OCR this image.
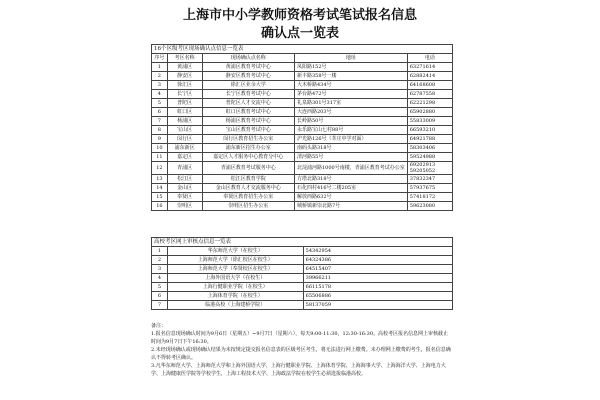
上海市中小学教师资格考试笔试报名信息
确认点一览表
16个区级考区现场确认点信息一览表				
序号	考区名称	现场确认点名称	地址	电话
1	黄浦区	黄浦区教育考试中心	凤阳路152号	63271614
2	静安区	静安区教育考试中心	新丰路358号一楼	62882414
3	徐汇区	徐汇区业余大学	大木桥路434号	64168608
4	长宁区	长宁区教育考试中心	茅台路472号	62787558
5	普陀区	普陀区人才交流中心	礼泉路301号317室	62221298
6	虹口区	虹口区教育考试中心	大连西路203号	65902880
7	杨浦区	杨浦区教育考试中心	长岭路50号	55833009
8	宝山区	宝山区教育考试中心	永乐路宝山七村88号	66593210
9	闵行区	闵行区教育招生办公室	沪光路126号（莘庄中学对面）	64921788
10	浦东新区	浦东新区招生办公室	南码头路318号	58303406
11	嘉定区	嘉定区人才服务中心教育分中心	清河路55号	59524988
12	青浦区	青浦区教育考试服务中心	北淀浦河路1000号南楼，青浦区教育考试办公室	69202913
59205052
13	松江区	松江区教育学院	方塔北路318号	37832347
14	金山区	金山区教育人才交流服务中心	石化四村416号二楼205室	57937675
15	奉贤区	奉贤区教育招生办公室	解放西路632号	57418172
16	崇明区	崇明区招生办公室	城桥镇新崇北路7号	59623080
高校考区网上审核点信息一览表		
1	华东师范大学（在校生）	54342954
2	上海师范大学（徐汇校区在校生）	64324386
3	上海师范大学（奉贤校区在校生）	64515407
4	上海外国语大学（在校生）	39966211
5	上海行健职业学院（在校生）	66115178
6	上海体育学院（在校生）	65506886
7	临港高校（上海建桥学院）	58137059

备注：

1.报名信息现场确认时间为9月6日（星期五）~9月7日（星期六），每天9:00-11:30，12:30-16:30。高校考区报名信息网上审核截止时间为9月7日下午16:30。

2.未经现场确认或现场确认结果为未按规定提交报名信息表的区级考区考生，将无法进行网上缴费。未办理网上缴费的考生，报名信息确认不得转考区确认。

3.凡华东师范大学、上海师范大学和上海外国语大学、上海行健职业学院、上海体育学院、上海海事大学、上海海洋大学、上海电力大学、上海健康医学院等学校学生，上海工程技术大学、上海政法学院在校学生必须选报临港高校。
